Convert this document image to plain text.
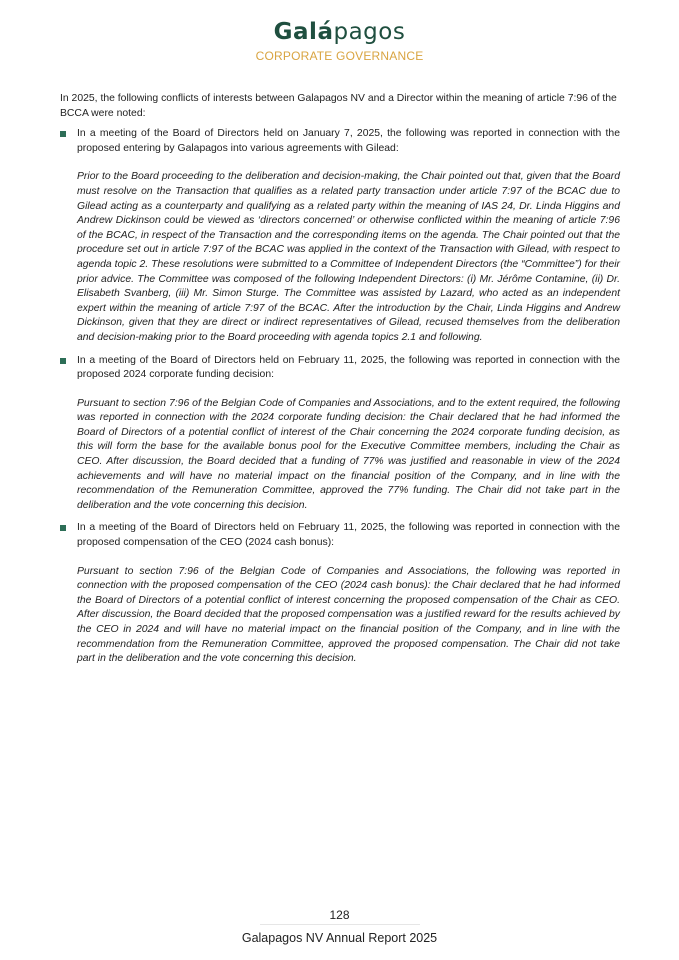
Galápagos
CORPORATE GOVERNANCE

In 2025, the following conflicts of interests between Galapagos NV and a Director within the meaning of article 7:96 of the BCCA were noted:

In a meeting of the Board of Directors held on January 7, 2025, the following was reported in connection with the proposed entering by Galapagos into various agreements with Gilead:

Prior to the Board proceeding to the deliberation and decision-making, the Chair pointed out that, given that the Board must resolve on the Transaction that qualifies as a related party transaction under article 7:97 of the BCAC due to Gilead acting as a counterparty and qualifying as a related party within the meaning of IAS 24, Dr. Linda Higgins and Andrew Dickinson could be viewed as ‘directors concerned’ or otherwise conflicted within the meaning of article 7:96 of the BCAC, in respect of the Transaction and the corresponding items on the agenda. The Chair pointed out that the procedure set out in article 7:97 of the BCAC was applied in the context of the Transaction with Gilead, with respect to agenda topic 2. These resolutions were submitted to a Committee of Independent Directors (the “Committee”) for their prior advice. The Committee was composed of the following Independent Directors: (i) Mr. Jérôme Contamine, (ii) Dr. Elisabeth Svanberg, (iii) Mr. Simon Sturge. The Committee was assisted by Lazard, who acted as an independent expert within the meaning of article 7:97 of the BCAC. After the introduction by the Chair, Linda Higgins and Andrew Dickinson, given that they are direct or indirect representatives of Gilead, recused themselves from the deliberation and decision-making prior to the Board proceeding with agenda topics 2.1 and following.

In a meeting of the Board of Directors held on February 11, 2025, the following was reported in connection with the proposed 2024 corporate funding decision:

Pursuant to section 7:96 of the Belgian Code of Companies and Associations, and to the extent required, the following was reported in connection with the 2024 corporate funding decision: the Chair declared that he had informed the Board of Directors of a potential conflict of interest of the Chair concerning the 2024 corporate funding decision, as this will form the base for the available bonus pool for the Executive Committee members, including the Chair as CEO. After discussion, the Board decided that a funding of 77% was justified and reasonable in view of the 2024 achievements and will have no material impact on the financial position of the Company, and in line with the recommendation of the Remuneration Committee, approved the 77% funding. The Chair did not take part in the deliberation and the vote concerning this decision.

In a meeting of the Board of Directors held on February 11, 2025, the following was reported in connection with the proposed compensation of the CEO (2024 cash bonus):

Pursuant to section 7:96 of the Belgian Code of Companies and Associations, the following was reported in connection with the proposed compensation of the CEO (2024 cash bonus): the Chair declared that he had informed the Board of Directors of a potential conflict of interest concerning the proposed compensation of the Chair as CEO. After discussion, the Board decided that the proposed compensation was a justified reward for the results achieved by the CEO in 2024 and will have no material impact on the financial position of the Company, and in line with the recommendation from the Remuneration Committee, approved the proposed compensation. The Chair did not take part in the deliberation and the vote concerning this decision.

128
Galapagos NV Annual Report 2025
